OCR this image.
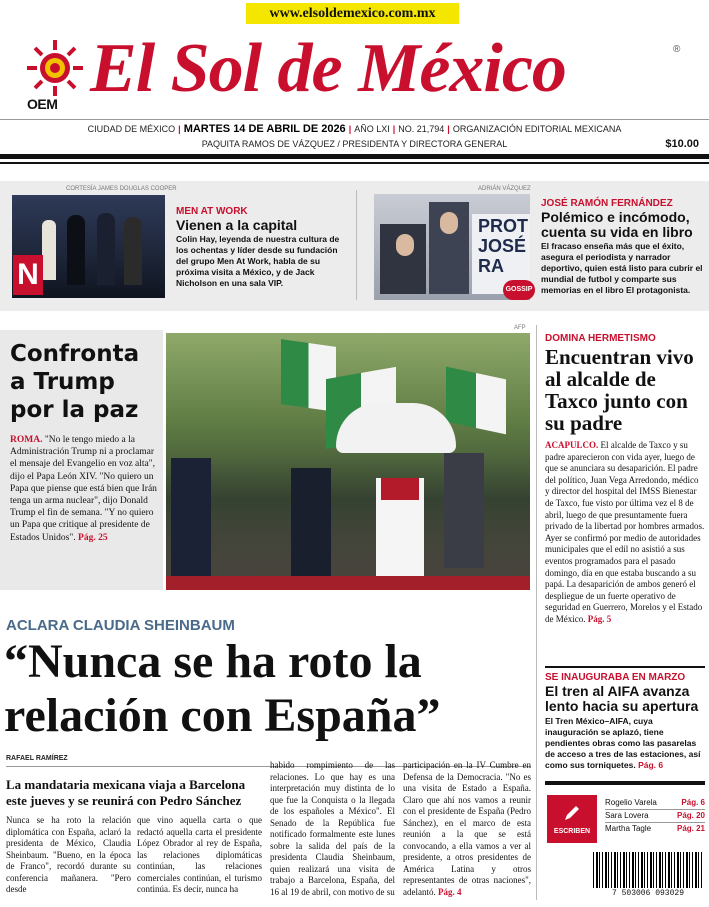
www.elsoldemexico.com.mx
OEM El Sol de México	®
CIUDAD DE MÉXICO | MARTES 14 DE ABRIL DE 2026 | AÑO LXI | NO. 21,794 | ORGANIZACIÓN EDITORIAL MEXICANA
PAQUITA RAMOS DE VÁZQUEZ / PRESIDENTA Y DIRECTORA GENERAL	$10.00
CORTESÍA JAMES DOUGLAS COOPER
N
MEN AT WORK
Vienen a la capital
Colin Hay, leyenda de nuestra cultura de los ochentas y líder desde su fundación del grupo Men At Work, habla de su próxima visita a México, y de Jack Nicholson en una sala VIP.
ADRIÁN VÁZQUEZ
PROT JOSÉ RA
GOSSIP
JOSÉ RAMÓN FERNÁNDEZ
Polémico e incómodo, cuenta su vida en libro
El fracaso enseña más que el éxito, asegura el periodista y narrador deportivo, quien está listo para cubrir el mundial de futbol y comparte sus memorias en el libro El protagonista.
Confronta a Trump por la paz
ROMA. "No le tengo miedo a la Administración Trump ni a proclamar el mensaje del Evangelio en voz alta", dijo el Papa León XIV. "No quiero un Papa que piense que está bien que Irán tenga un arma nuclear", dijo Donald Trump el fin de semana. "Y no quiero un Papa que critique al presidente de Estados Unidos". Pág. 25
AFP
DOMINA HERMETISMO
Encuentran vivo al alcalde de Taxco junto con su padre
ACAPULCO. El alcalde de Taxco y su padre aparecieron con vida ayer, luego de que se anunciara su desaparición. El padre del político, Juan Vega Arredondo, médico y director del hospital del IMSS Bienestar de Taxco, fue visto por última vez el 8 de abril, luego de que presuntamente fuera privado de la libertad por hombres armados. Ayer se confirmó por medio de autoridades municipales que el edil no asistió a sus eventos programados para el pasado domingo, día en que estaba buscando a su papá. La desaparición de ambos generó el despliegue de un fuerte operativo de seguridad en Guerrero, Morelos y el Estado de México. Pág. 5
SE INAUGURABA EN MARZO
El tren al AIFA avanza lento hacia su apertura
El Tren México–AIFA, cuya inauguración se aplazó, tiene pendientes obras como las pasarelas de acceso a tres de las estaciones, así como sus torniquetes. Pág. 6
ESCRIBEN
Rogelio Varela	Pág. 6
Sara Lovera	Pág. 20
Martha Tagle	Pág. 21
7 503006 093029
ACLARA CLAUDIA SHEINBAUM
“Nunca se ha roto la
relación con España”
RAFAEL RAMÍREZ
La mandataria mexicana viaja a Barcelona este jueves y se reunirá con Pedro Sánchez
Nunca se ha roto la relación diplomática con España, aclaró la presidenta de México, Claudia Sheinbaum. "Bueno, en la época de Franco", recordó durante su conferencia mañanera. "Pero desde
que vino aquella carta o que redactó aquella carta el presidente López Obrador al rey de España, las relaciones diplomáticas continúan, las relaciones comerciales continúan, el turismo continúa. Es decir, nunca ha
habido rompimiento de las relaciones. Lo que hay es una interpretación muy distinta de lo que fue la Conquista o la llegada de los españoles a México". El Senado de la República fue notificado formalmente este lunes sobre la salida del país de la presidenta Claudia Sheinbaum, quien realizará una visita de trabajo a Barcelona, España, del 16 al 19 de abril, con motivo de su
participación en la IV Cumbre en Defensa de la Democracia. "No es una visita de Estado a España. Claro que ahí nos vamos a reunir con el presidente de España (Pedro Sánchez), en el marco de esta reunión a la que se está convocando, a ella vamos a ver al presidente, a otros presidentes de América Latina y otros representantes de otras naciones", adelantó. Pág. 4
